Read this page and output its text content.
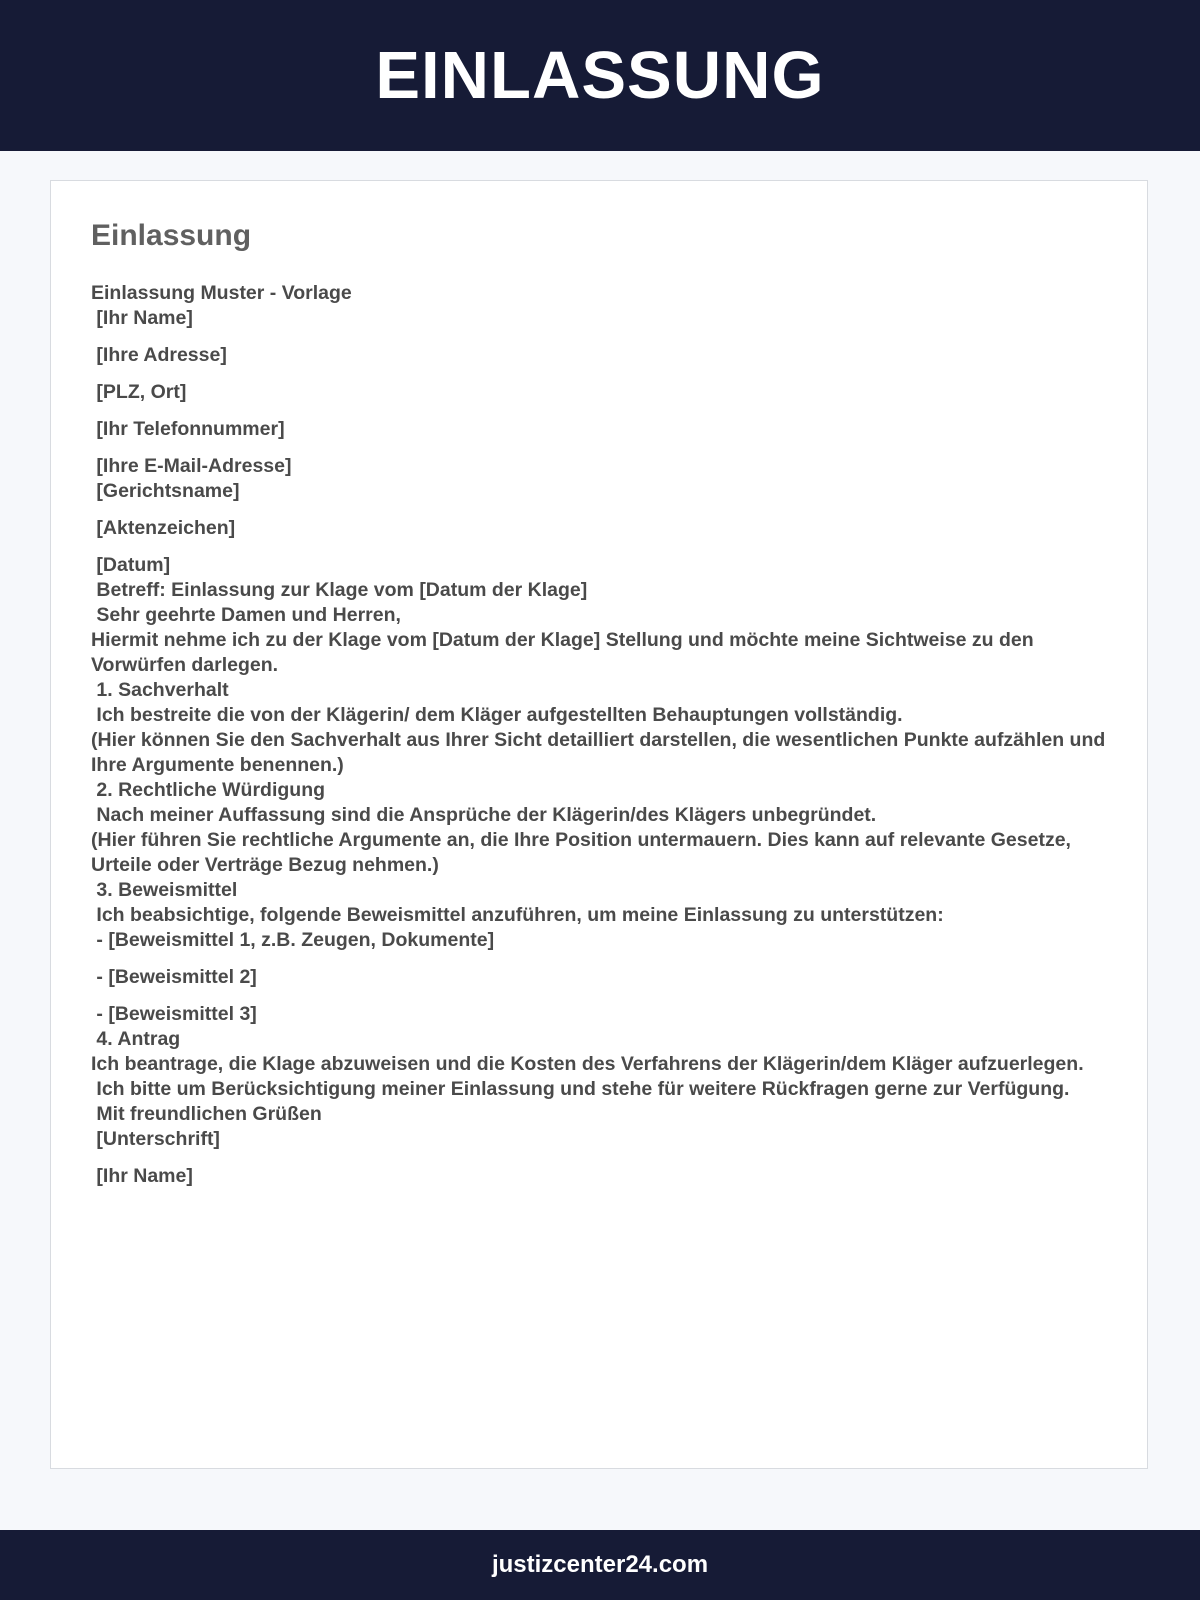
EINLASSUNG
Einlassung
Einlassung Muster - Vorlage
[Ihr Name]
[Ihre Adresse]
[PLZ, Ort]
[Ihr Telefonnummer]
[Ihre E-Mail-Adresse]
[Gerichtsname]
[Aktenzeichen]
[Datum]
Betreff: Einlassung zur Klage vom [Datum der Klage]
Sehr geehrte Damen und Herren,
Hiermit nehme ich zu der Klage vom [Datum der Klage] Stellung und möchte meine Sichtweise zu den Vorwürfen darlegen.
1. Sachverhalt
Ich bestreite die von der Klägerin/ dem Kläger aufgestellten Behauptungen vollständig.
(Hier können Sie den Sachverhalt aus Ihrer Sicht detailliert darstellen, die wesentlichen Punkte aufzählen und Ihre Argumente benennen.)
2. Rechtliche Würdigung
Nach meiner Auffassung sind die Ansprüche der Klägerin/des Klägers unbegründet.
(Hier führen Sie rechtliche Argumente an, die Ihre Position untermauern. Dies kann auf relevante Gesetze, Urteile oder Verträge Bezug nehmen.)
3. Beweismittel
Ich beabsichtige, folgende Beweismittel anzuführen, um meine Einlassung zu unterstützen:
- [Beweismittel 1, z.B. Zeugen, Dokumente]
- [Beweismittel 2]
- [Beweismittel 3]
4. Antrag
Ich beantrage, die Klage abzuweisen und die Kosten des Verfahrens der Klägerin/dem Kläger aufzuerlegen.
Ich bitte um Berücksichtigung meiner Einlassung und stehe für weitere Rückfragen gerne zur Verfügung.
Mit freundlichen Grüßen
[Unterschrift]
[Ihr Name]
justizcenter24.com
